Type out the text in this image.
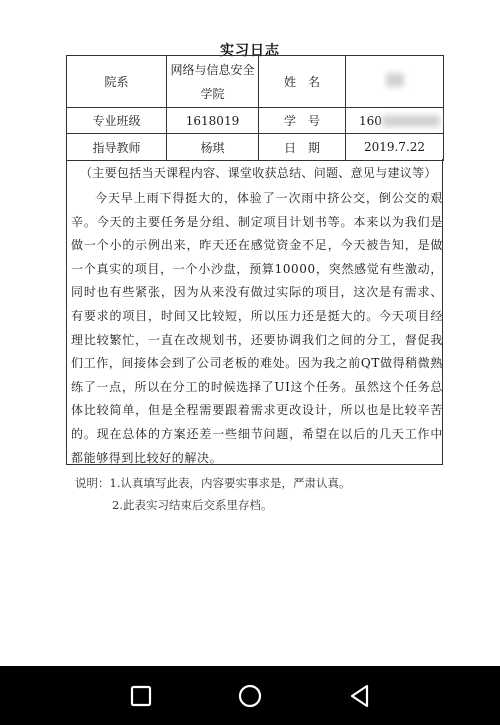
实习日志
院系	网络与信息安全学院	姓　名	
专业班级	1618019	学　号	160
指导教师	杨琪	日　期	2019.7.22
（主要包括当天课程内容、课堂收获总结、问题、意见与建议等）
今天早上雨下得挺大的，体验了一次雨中挤公交，倒公交的艰辛。今天的主要任务是分组、制定项目计划书等。本来以为我们是做一个小的示例出来，昨天还在感觉资金不足，今天被告知，是做一个真实的项目，一个小沙盘，预算10000，突然感觉有些激动，同时也有些紧张，因为从来没有做过实际的项目，这次是有需求、有要求的项目，时间又比较短，所以压力还是挺大的。今天项目经理比较繁忙，一直在改规划书，还要协调我们之间的分工，督促我们工作，间接体会到了公司老板的难处。因为我之前QT做得稍微熟练了一点，所以在分工的时候选择了UI这个任务。虽然这个任务总体比较简单，但是全程需要跟着需求更改设计，所以也是比较辛苦的。现在总体的方案还差一些细节问题，希望在以后的几天工作中都能够得到比较好的解决。
说明：1.认真填写此表，内容要实事求是，严肃认真。
2.此表实习结束后交系里存档。
